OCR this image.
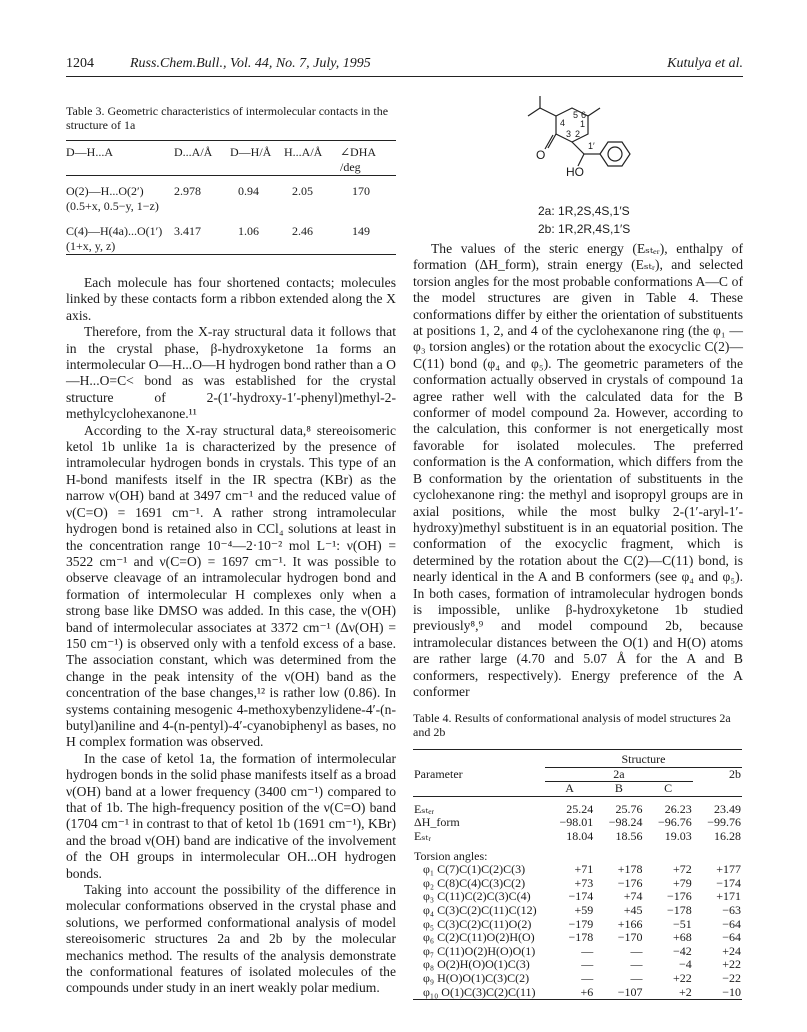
1204	Russ.Chem.Bull., Vol. 44, No. 7, July, 1995	Kutulya et al.
Table 3. Geometric characteristics of intermolecular contacts in the structure of 1a

D—H...A	D...A/Å	D—H/Å	H...A/Å	∠DHA /deg

O(2)—H...O(2′)
(0.5+x, 0.5−y, 1−z)	2.978	0.94	2.05	170

C(4)—H(4a)...O(1′)
(1+x, y, z)	3.417	1.06	2.46	149

Each molecule has four shortened contacts; molecules linked by these contacts form a ribbon extended along the X axis.

Therefore, from the X-ray structural data it follows that in the crystal phase, β-hydroxyketone 1a forms an intermolecular O—H...O—H hydrogen bond rather than a O—H...O=C< bond as was established for the crystal structure of 2-(1′-hydroxy-1′-phenyl)methyl-2-methylcyclohexanone.¹¹

According to the X-ray structural data,⁸ stereoisomeric ketol 1b unlike 1a is characterized by the presence of intramolecular hydrogen bonds in crystals. This type of an H-bond manifests itself in the IR spectra (KBr) as the narrow ν(OH) band at 3497 cm⁻¹ and the reduced value of ν(C=O) = 1691 cm⁻¹. A rather strong intramolecular hydrogen bond is retained also in CCl₄ solutions at least in the concentration range 10⁻⁴—2·10⁻² mol L⁻¹: ν(OH) = 3522 cm⁻¹ and ν(C=O) = 1697 cm⁻¹. It was possible to observe cleavage of an intramolecular hydrogen bond and formation of intermolecular H complexes only when a strong base like DMSO was added. In this case, the ν(OH) band of intermolecular associates at 3372 cm⁻¹ (Δν(OH) = 150 cm⁻¹) is observed only with a tenfold excess of a base. The association constant, which was determined from the change in the peak intensity of the ν(OH) band as the concentration of the base changes,¹² is rather low (0.86). In systems containing mesogenic 4-methoxybenzylidene-4′-(n-butyl)aniline and 4-(n-pentyl)-4′-cyanobiphenyl as bases, no H complex formation was observed.

In the case of ketol 1a, the formation of intermolecular hydrogen bonds in the solid phase manifests itself as a broad ν(OH) band at a lower frequency (3400 cm⁻¹) compared to that of 1b. The high-frequency position of the ν(C=O) band (1704 cm⁻¹ in contrast to that of ketol 1b (1691 cm⁻¹), KBr) and the broad ν(OH) band are indicative of the involvement of the OH groups in intermolecular OH...OH hydrogen bonds.

Taking into account the possibility of the difference in molecular conformations observed in the crystal phase and solutions, we performed conformational analysis of model stereoisomeric structures 2a and 2b by the molecular mechanics method. The results of the analysis demonstrate the conformational features of isolated molecules of the compounds under study in an inert weakly polar medium.

5 6
4 1
3 2
O
HO
1′
2a: 1R,2S,4S,1′S
2b: 1R,2R,4S,1′S

The values of the steric energy (Eₛₜₑᵣ), enthalpy of formation (ΔH_form), strain energy (Eₛₜᵣ), and selected torsion angles for the most probable conformations A—C of the model structures are given in Table 4. These conformations differ by either the orientation of substituents at positions 1, 2, and 4 of the cyclohexanone ring (the φ₁ — φ₃ torsion angles) or the rotation about the exocyclic C(2)—C(11) bond (φ₄ and φ₅). The geometric parameters of the conformation actually observed in crystals of compound 1a agree rather well with the calculated data for the B conformer of model compound 2a. However, according to the calculation, this conformer is not energetically most favorable for isolated molecules. The preferred conformation is the A conformation, which differs from the B conformation by the orientation of substituents in the cyclohexanone ring: the methyl and isopropyl groups are in axial positions, while the most bulky 2-(1′-aryl-1′-hydroxy)methyl substituent is in an equatorial position. The conformation of the exocyclic fragment, which is determined by the rotation about the C(2)—C(11) bond, is nearly identical in the A and B conformers (see φ₄ and φ₅). In both cases, formation of intramolecular hydrogen bonds is impossible, unlike β-hydroxyketone 1b studied previously⁸,⁹ and model compound 2b, because intramolecular distances between the O(1) and H(O) atoms are rather large (4.70 and 5.07 Å for the A and B conformers, respectively). Energy preference of the A conformer

Table 4. Results of conformational analysis of model structures 2a and 2b

	Structure			
Parameter	2a			2b
	A	B	C	

Eₛₜₑᵣ	25.24	25.76	26.23	23.49
ΔH_form	−98.01	−98.24	−96.76	−99.76
Eₛₜᵣ	18.04	18.56	19.03	16.28

Torsion angles:				
φ₁ C(7)C(1)C(2)C(3)	+71	+178	+72	+177
φ₂ C(8)C(4)C(3)C(2)	+73	−176	+79	−174
φ₃ C(11)C(2)C(3)C(4)	−174	+74	−176	+171
φ₄ C(3)C(2)C(11)C(12)	+59	+45	−178	−63
φ₅ C(3)C(2)C(11)O(2)	−179	+166	−51	−64
φ₆ C(2)C(11)O(2)H(O)	−178	−170	+68	−64
φ₇ C(11)O(2)H(O)O(1)	—	—	−42	+24
φ₈ O(2)H(O)O(1)C(3)	—	—	−4	+22
φ₉ H(O)O(1)C(3)C(2)	—	—	+22	−22
φ₁₀ O(1)C(3)C(2)C(11)	+6	−107	+2	−10
